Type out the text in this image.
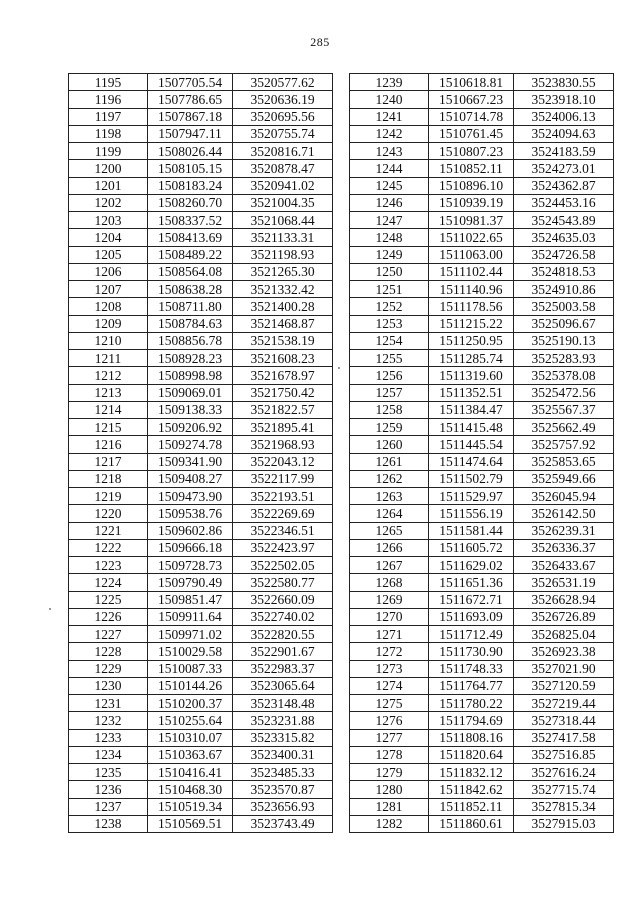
285
1195	1507705.54	3520577.62
1196	1507786.65	3520636.19
1197	1507867.18	3520695.56
1198	1507947.11	3520755.74
1199	1508026.44	3520816.71
1200	1508105.15	3520878.47
1201	1508183.24	3520941.02
1202	1508260.70	3521004.35
1203	1508337.52	3521068.44
1204	1508413.69	3521133.31
1205	1508489.22	3521198.93
1206	1508564.08	3521265.30
1207	1508638.28	3521332.42
1208	1508711.80	3521400.28
1209	1508784.63	3521468.87
1210	1508856.78	3521538.19
1211	1508928.23	3521608.23
1212	1508998.98	3521678.97
1213	1509069.01	3521750.42
1214	1509138.33	3521822.57
1215	1509206.92	3521895.41
1216	1509274.78	3521968.93
1217	1509341.90	3522043.12
1218	1509408.27	3522117.99
1219	1509473.90	3522193.51
1220	1509538.76	3522269.69
1221	1509602.86	3522346.51
1222	1509666.18	3522423.97
1223	1509728.73	3522502.05
1224	1509790.49	3522580.77
1225	1509851.47	3522660.09
1226	1509911.64	3522740.02
1227	1509971.02	3522820.55
1228	1510029.58	3522901.67
1229	1510087.33	3522983.37
1230	1510144.26	3523065.64
1231	1510200.37	3523148.48
1232	1510255.64	3523231.88
1233	1510310.07	3523315.82
1234	1510363.67	3523400.31
1235	1510416.41	3523485.33
1236	1510468.30	3523570.87
1237	1510519.34	3523656.93
1238	1510569.51	3523743.49
1239	1510618.81	3523830.55
1240	1510667.23	3523918.10
1241	1510714.78	3524006.13
1242	1510761.45	3524094.63
1243	1510807.23	3524183.59
1244	1510852.11	3524273.01
1245	1510896.10	3524362.87
1246	1510939.19	3524453.16
1247	1510981.37	3524543.89
1248	1511022.65	3524635.03
1249	1511063.00	3524726.58
1250	1511102.44	3524818.53
1251	1511140.96	3524910.86
1252	1511178.56	3525003.58
1253	1511215.22	3525096.67
1254	1511250.95	3525190.13
1255	1511285.74	3525283.93
1256	1511319.60	3525378.08
1257	1511352.51	3525472.56
1258	1511384.47	3525567.37
1259	1511415.48	3525662.49
1260	1511445.54	3525757.92
1261	1511474.64	3525853.65
1262	1511502.79	3525949.66
1263	1511529.97	3526045.94
1264	1511556.19	3526142.50
1265	1511581.44	3526239.31
1266	1511605.72	3526336.37
1267	1511629.02	3526433.67
1268	1511651.36	3526531.19
1269	1511672.71	3526628.94
1270	1511693.09	3526726.89
1271	1511712.49	3526825.04
1272	1511730.90	3526923.38
1273	1511748.33	3527021.90
1274	1511764.77	3527120.59
1275	1511780.22	3527219.44
1276	1511794.69	3527318.44
1277	1511808.16	3527417.58
1278	1511820.64	3527516.85
1279	1511832.12	3527616.24
1280	1511842.62	3527715.74
1281	1511852.11	3527815.34
1282	1511860.61	3527915.03
